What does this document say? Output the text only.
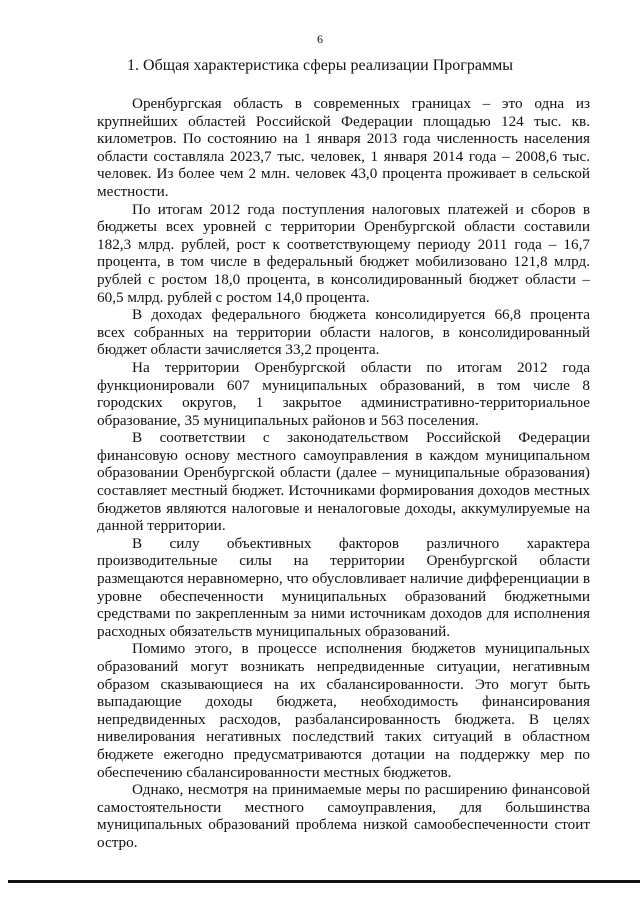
6
1. Общая характеристика сферы реализации Программы

Оренбургская область в современных границах – это одна из крупнейших областей Российской Федерации площадью 124 тыс. кв. километров. По состоянию на 1 января 2013 года численность населения области составляла 2023,7 тыс. человек, 1 января 2014 года – 2008,6 тыс. человек. Из более чем 2 млн. человек 43,0 процента проживает в сельской местности.

По итогам 2012 года поступления налоговых платежей и сборов в бюджеты всех уровней с территории Оренбургской области составили 182,3 млрд. рублей, рост к соответствующему периоду 2011 года – 16,7 процента, в том числе в федеральный бюджет мобилизовано 121,8 млрд. рублей с ростом 18,0 процента, в консолидированный бюджет области – 60,5 млрд. рублей с ростом 14,0 процента.

В доходах федерального бюджета консолидируется 66,8 процента всех собранных на территории области налогов, в консолидированный бюджет области зачисляется 33,2 процента.

На территории Оренбургской области по итогам 2012 года функционировали 607 муниципальных образований, в том числе 8 городских округов, 1 закрытое административно-территориальное образование, 35 муниципальных районов и 563 поселения.

В соответствии с законодательством Российской Федерации финансовую основу местного самоуправления в каждом муниципальном образовании Оренбургской области (далее – муниципальные образования) составляет местный бюджет. Источниками формирования доходов местных бюджетов являются налоговые и неналоговые доходы, аккумулируемые на данной территории.

В силу объективных факторов различного характера производительные силы на территории Оренбургской области размещаются неравномерно, что обусловливает наличие дифференциации в уровне обеспеченности муниципальных образований бюджетными средствами по закрепленным за ними источникам доходов для исполнения расходных обязательств муниципальных образований.

Помимо этого, в процессе исполнения бюджетов муниципальных образований могут возникать непредвиденные ситуации, негативным образом сказывающиеся на их сбалансированности. Это могут быть выпадающие доходы бюджета, необходимость финансирования непредвиденных расходов, разбалансированность бюджета. В целях нивелирования негативных последствий таких ситуаций в областном бюджете ежегодно предусматриваются дотации на поддержку мер по обеспечению сбалансированности местных бюджетов.

Однако, несмотря на принимаемые меры по расширению финансовой самостоятельности местного самоуправления, для большинства муниципальных образований проблема низкой самообеспеченности стоит остро.
